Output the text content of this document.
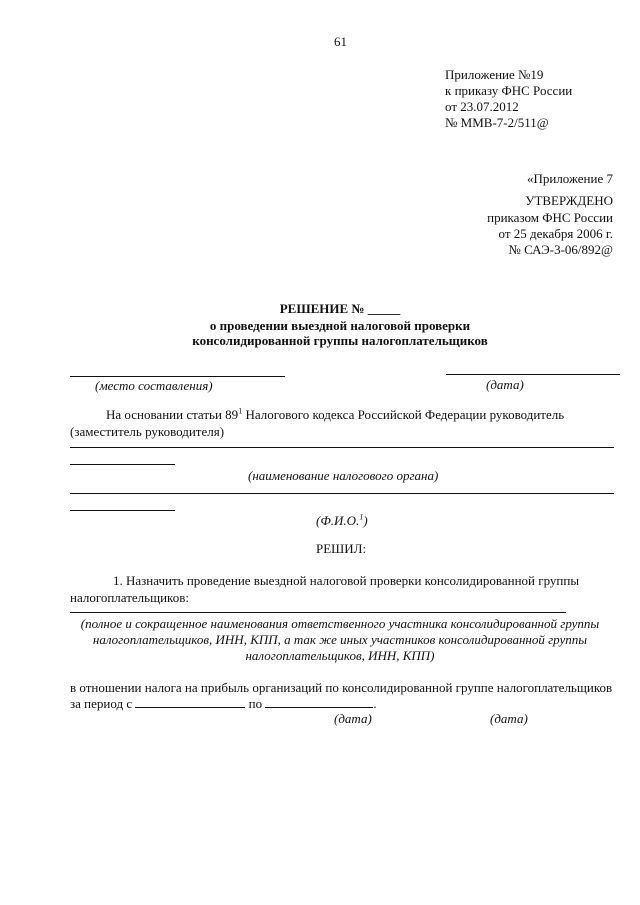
61
Приложение №19
к приказу ФНС России
от 23.07.2012
№ ММВ-7-2/511@
«Приложение 7
УТВЕРЖДЕНО
приказом ФНС России
от 25 декабря 2006 г.
№ САЭ-3-06/892@
РЕШЕНИЕ № _____
о проведении выездной налоговой проверки
консолидированной группы налогоплательщиков
(место составления)	(дата)
На основании статьи $89^1$ Налогового кодекса Российской Федерации руководитель
(заместитель руководителя)
(наименование налогового органа)
(Ф.И.О.$^1$)
РЕШИЛ:
1. Назначить проведение выездной налоговой проверки консолидированной группы
налогоплательщиков:
(полное и сокращенное наименования ответственного участника консолидированной группы
налогоплательщиков, ИНН, КПП, а так же иных участников консолидированной группы
налогоплательщиков, ИНН, КПП)
в отношении налога на прибыль организаций по консолидированной группе налогоплательщиков
за период с	по	.
(дата)	(дата)
